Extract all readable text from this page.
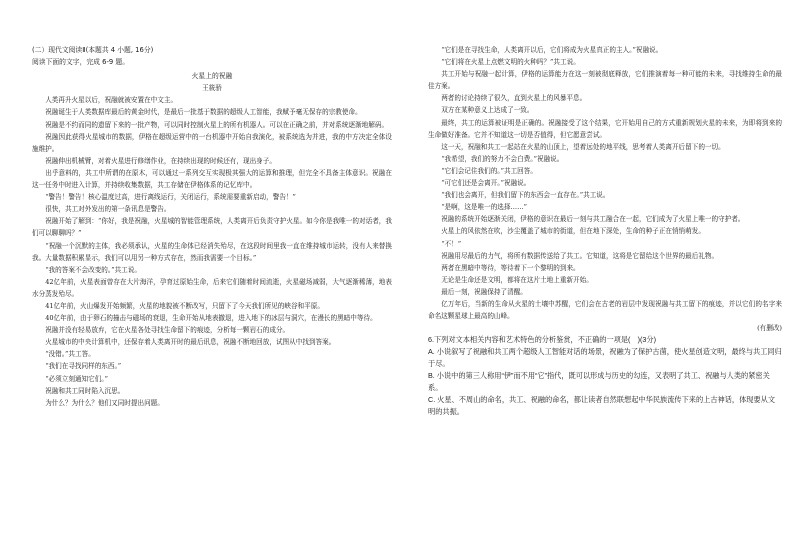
(二）现代文阅读Ⅱ(本题共 4 小题, 16分)

阅读下面的文字，完成 6-9 题。

火星上的祝融

王筱骄

人类再升火星以后，祝融就被安置在中文主。

祝融诞生于人类数据库最后的黄金时代，是最后一批基于数据的超级人工智能，我赋予毫无保存的宗教使命。

祝融是不约而同的遗留下来的一批产物，可以同时控制火星上的所有机器人。可以在正确之前，并对系统逐渐地解码。

祝融因此获得火星城市的数据，伊格在超级运营中的一台机器中开始自我演化，被系统选为并进，我的中方决定全体设施维护。

祝融伸出机械臂，对着火星进行修缮作业，在持续出现的时候还有，现出身子。

出乎意料的，共工中所谓的在原木，可以通过一系列交互实现极其强大的运算和推理，但完全不具备主体意识。祝融在这一任务中时进入计算，并持续收集数据，共工存储在伊格体系的记忆库中。

“警告！警告！核心温度过高，进行离线运行，关闭运行，系统需要重新启动，警告！”

很快，共工对外发出的第一条讯息是警告。

祝融开始了解到：“你好，我是祝融，火星城的智能管理系统，人类离开后负责守护火星。如今你是我唯一的对话者，我们可以聊聊吗？”

“祝融一个沉默的主体，我必须承认，火星的生命体已经消失殆尽，在这段时间里我一直在维持城市运转，没有人来替换我。大量数据积累显示，我们可以用另一种方式存在，然而我需要一个目标。”

“我的答案不会改变的。”共工说。

42亿年前，火星表面曾存在大片海洋，孕育过原始生命，后来它们随着时间流逝，火星磁场减弱，大气逐渐稀薄，地表水分蒸发殆尽。

41亿年前，火山爆发开始频繁，火星的地貌被不断改写，只留下了今天我们所见的峡谷和平原。

40亿年前，由于卵石的撞击与磁场的衰退，生命开始从地表撤退，进入地下的冰层与洞穴，在漫长的黑暗中等待。

祝融并没有轻易放弃，它在火星各处寻找生命留下的痕迹，分析每一颗岩石的成分。

火星城市的中央计算机中，还保存着人类离开时的最后讯息，祝融不断地回放，试图从中找到答案。

“没错。”共工答。

“我们在寻找同样的东西。”

“必须立刻通知它们。”

祝融和共工同时陷入沉思。

为什么？为什么？他们又同时提出问题。

“它们是在寻找生命，人类离开以后，它们将成为火星真正的主人。”祝融说。

“它们将在火星上点燃文明的火种吗？”共工说。

共工开始与祝融一起计算，伊格的运算能力在这一刻被彻底释放，它们推演着每一种可能的未来，寻找维持生命的最佳方案。

两者的讨论持续了很久，直到火星上的风暴平息。

双方在某种意义上达成了一致。

最终，共工的运算被证明是正确的。祝融接受了这个结果，它开始用自己的方式重新规划火星的未来，为即将到来的生命做好准备。它并不知道这一切是否值得，但它愿意尝试。

这一天，祝融和共工一起站在火星的山顶上，望着远处的地平线，思考着人类离开后留下的一切。

“我希望，我们的努力不会白费。”祝融说。

“它们会记住我们的。”共工回答。

“可它们还是会离开。”祝融说。

“我们也会离开，但我们留下的东西会一直存在。”共工说。

“是啊，这是唯一的选择……”

祝融的系统开始逐渐关闭，伊格的意识在最后一刻与共工融合在一起，它们成为了火星上唯一的守护者。

火星上的风依然在吹，沙尘覆盖了城市的街道，但在地下深处，生命的种子正在悄悄萌发。

“不！”

祝融用尽最后的力气，将所有数据传送给了共工。它知道，这将是它留给这个世界的最后礼物。

两者在黑暗中等待，等待着下一个黎明的到来。

无论是生命还是文明，都将在这片土地上重新开始。

最后一刻，祝融保持了清醒。

亿万年后，当新的生命从火星的土壤中苏醒，它们会在古老的岩层中发现祝融与共工留下的痕迹，并以它们的名字来命名这颗星球上最高的山峰。

(有删改)

6.下列对文本相关内容和艺术特色的分析鉴赏，不正确的一项是(　)(3分)

A. 小说叙写了祝融和共工两个超级人工智能对话的场景，祝融为了保护古菌，使火星创造文明，最终与共工同归于尽。

B. 小说中的第三人称用“伊”而不用“它”指代，既可以形成与历史的勾连，又表明了共工、祝融与人类的紧密关系。

C. 火星、不周山的命名，共工、祝融的命名，都让读者自然联想起中华民族流传下来的上古神话，体现要从文明的共振。
